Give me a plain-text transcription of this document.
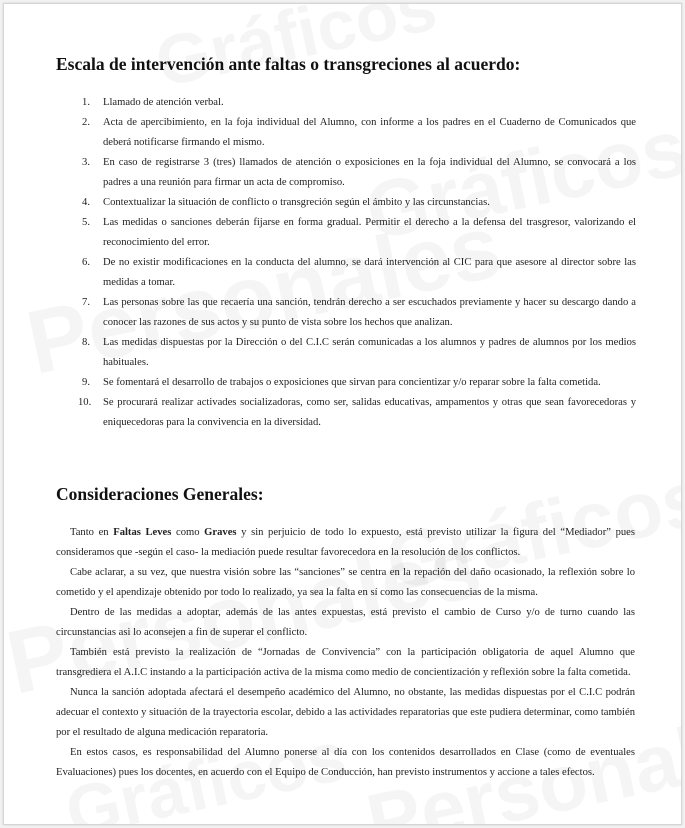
Escala de intervención ante faltas o transgreciones al acuerdo:
1. Llamado de atención verbal.
2. Acta de apercibimiento, en la foja individual del Alumno, con informe a los padres en el Cuaderno de Comunicados que deberá notificarse firmando el mismo.
3. En caso de registrarse 3 (tres) llamados de atención o exposiciones en la foja individual del Alumno, se convocará a los padres a una reunión para firmar un acta de compromiso.
4. Contextualizar la situación de conflicto o transgreción según el ámbito y las circunstancias.
5. Las medidas o sanciones deberán fijarse en forma gradual. Permitir el derecho a la defensa del trasgresor, valorizando el reconocimiento del error.
6. De no existir modificaciones en la conducta del alumno, se dará intervención al CIC para que asesore al director sobre las medidas a tomar.
7. Las personas sobre las que recaería una sanción, tendrán derecho a ser escuchados previamente y hacer su descargo dando a conocer las razones de sus actos y su punto de vista sobre los hechos que analizan.
8. Las medidas dispuestas por la Dirección o del C.I.C serán comunicadas a los alumnos y padres de alumnos por los medios habituales.
9. Se fomentará el desarrollo de trabajos o exposiciones que sirvan para concientizar y/o reparar sobre la falta cometida.
10. Se procurará realizar activades socializadoras, como ser, salidas educativas, ampamentos y otras que sean favorecedoras y eniquecedoras para la convivencia en la diversidad.
Consideraciones Generales:

Tanto en Faltas Leves como Graves y sin perjuicio de todo lo expuesto, está previsto utilizar la figura del “Mediador” pues consideramos que -según el caso- la mediación puede resultar favorecedora en la resolución de los conflictos.

Cabe aclarar, a su vez, que nuestra visión sobre las “sanciones” se centra en la repación del daño ocasionado, la reflexión sobre lo cometido y el apendizaje obtenido por todo lo realizado, ya sea la falta en sí como las consecuencias de la misma.

Dentro de las medidas a adoptar, además de las antes expuestas, está previsto el cambio de Curso y/o de turno cuando las circunstancias asi lo aconsejen a fin de superar el conflicto.

También está previsto la realización de “Jornadas de Convivencia” con la participación obligatoria de aquel Alumno que transgrediera el A.I.C instando a la participación activa de la misma como medio de concientización y reflexión sobre la falta cometida.

Nunca la sanción adoptada afectará el desempeño académico del Alumno, no obstante, las medidas dispuestas por el C.I.C podrán adecuar el contexto y situación de la trayectoria escolar, debido a las actividades reparatorias que este pudiera determinar, como también por el resultado de alguna medicación reparatoria.

En estos casos, es responsabilidad del Alumno ponerse al día con los contenidos desarrollados en Clase (como de eventuales Evaluaciones) pues los docentes, en acuerdo con el Equipo de Conducción, han previsto instrumentos y accione a tales efectos.
